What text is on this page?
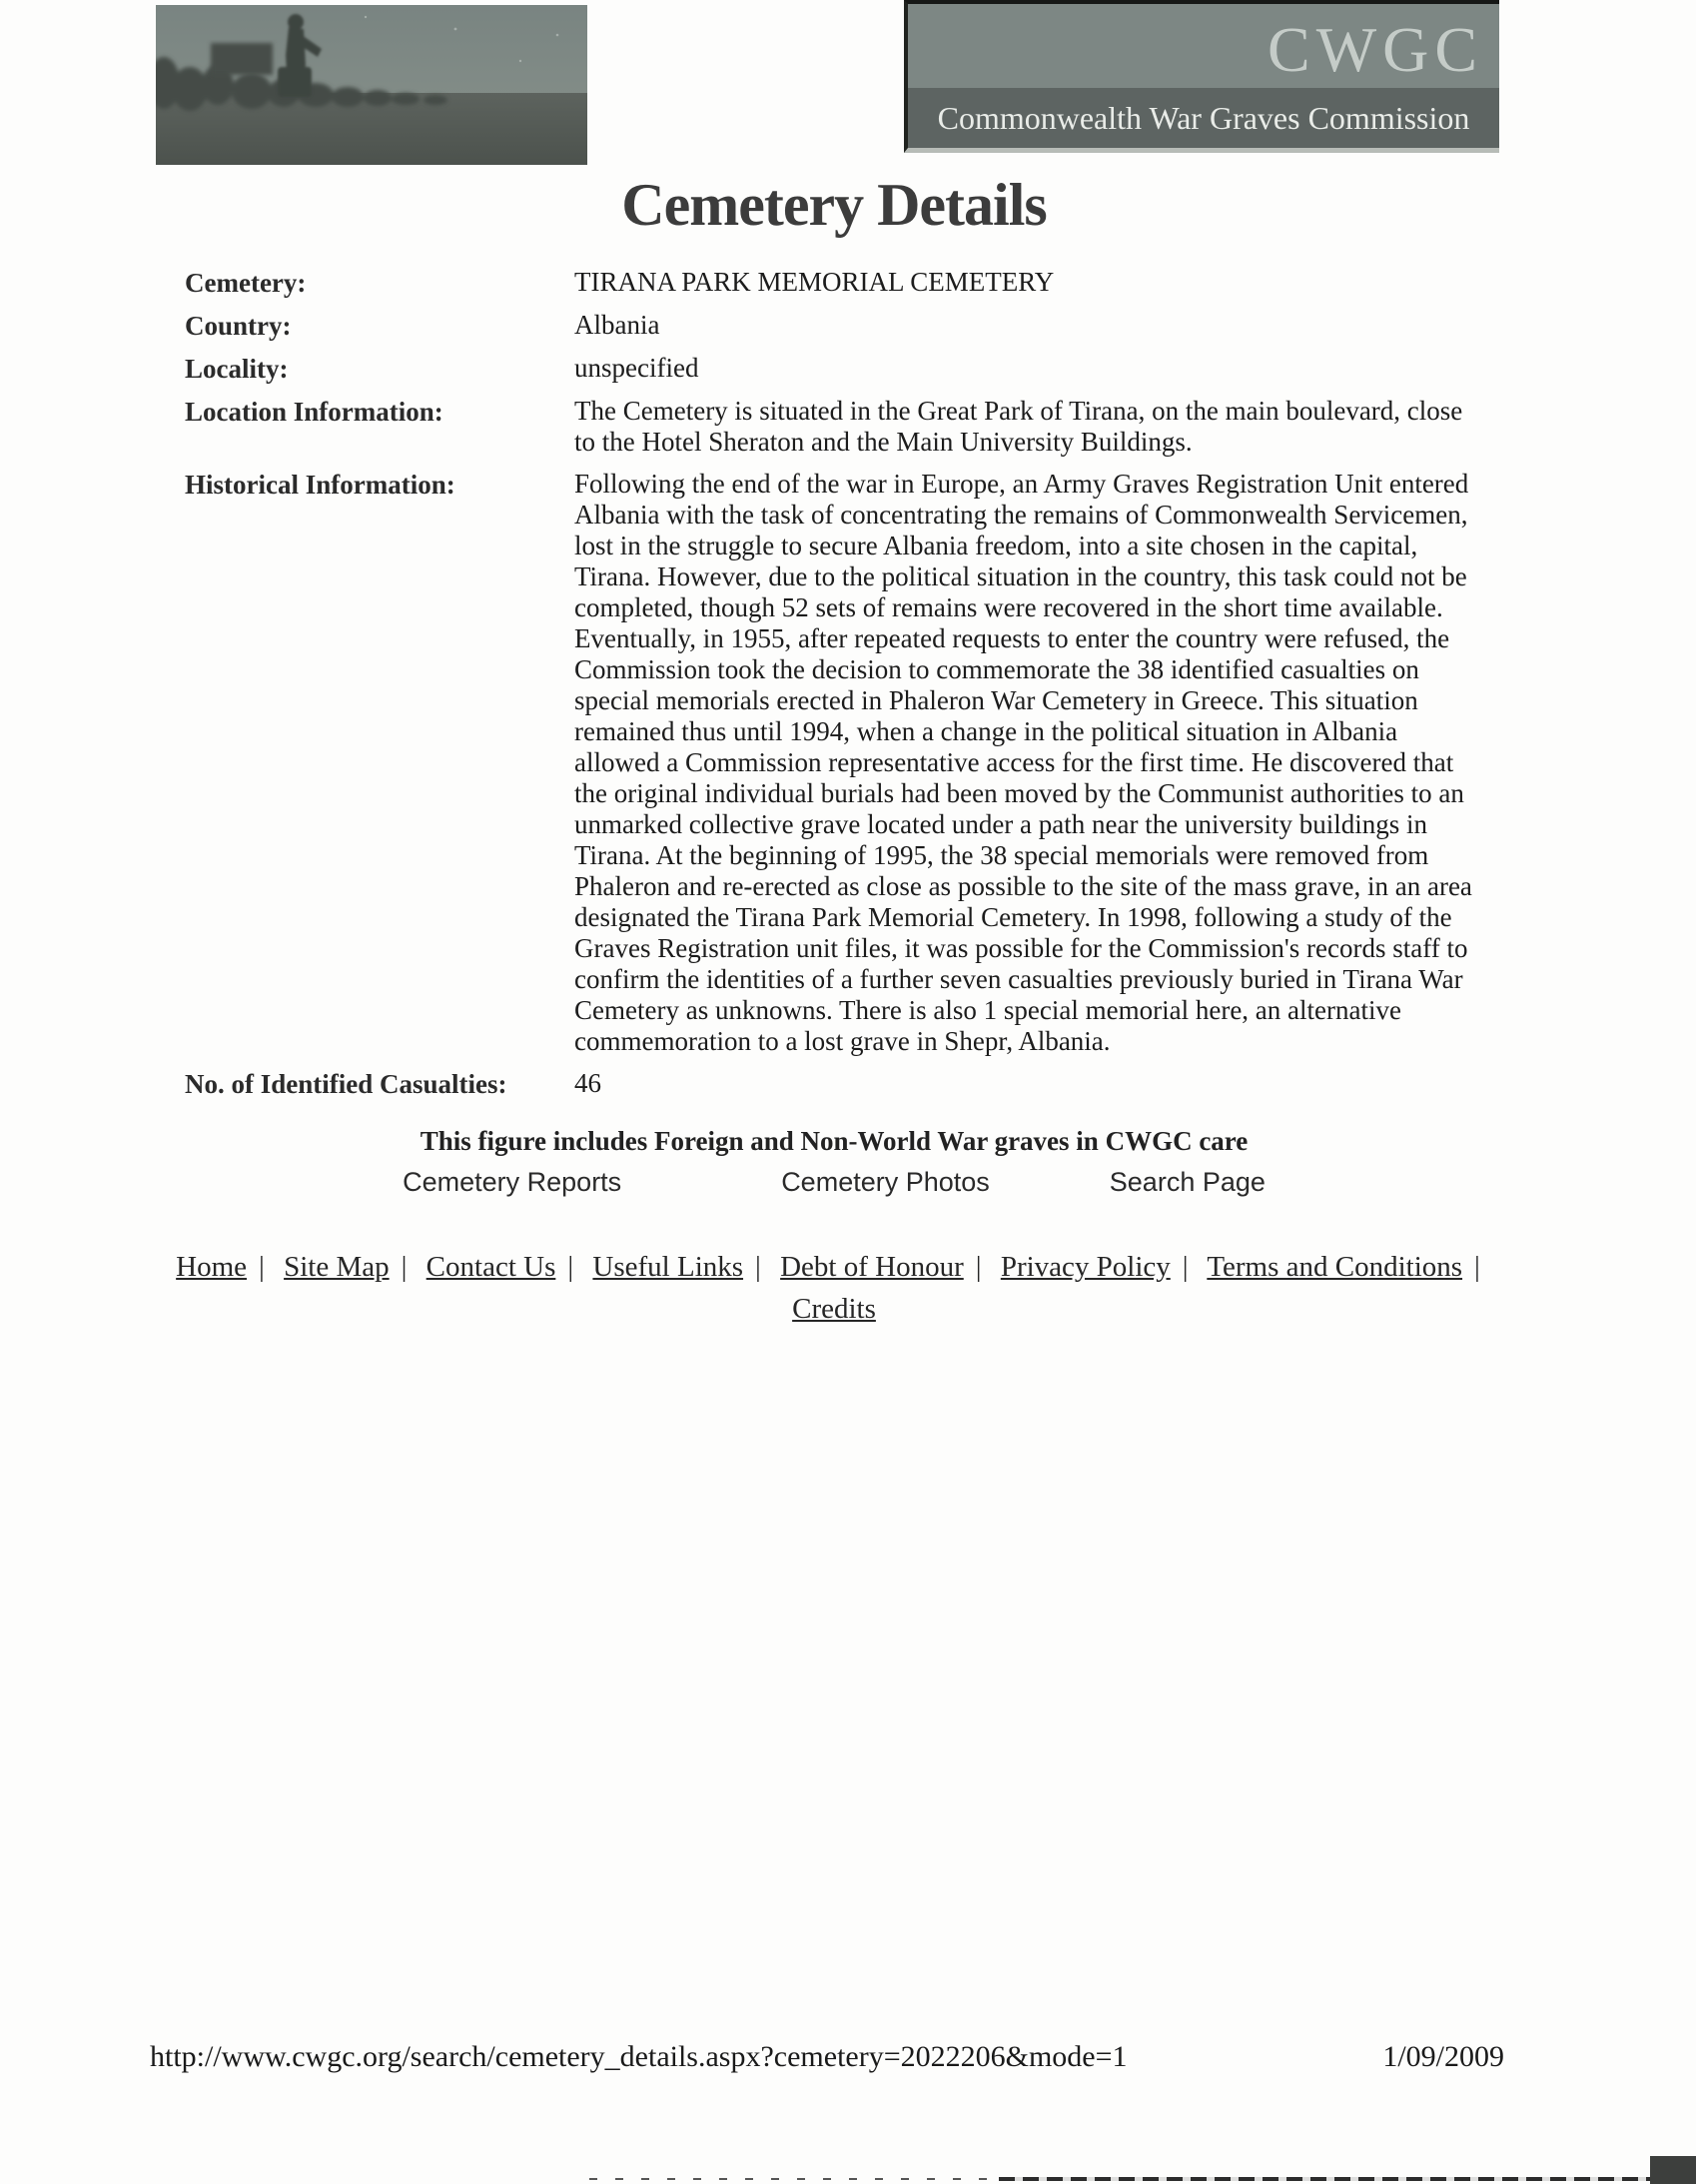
CWGC
Commonwealth War Graves Commission
Cemetery Details
Cemetery:	TIRANA PARK MEMORIAL CEMETERY
Country:	Albania
Locality:	unspecified
Location Information:	The Cemetery is situated in the Great Park of Tirana, on the main boulevard, close to the Hotel Sheraton and the Main University Buildings.
Historical Information:	Following the end of the war in Europe, an Army Graves Registration Unit entered Albania with the task of concentrating the remains of Commonwealth Servicemen, lost in the struggle to secure Albania freedom, into a site chosen in the capital, Tirana. However, due to the political situation in the country, this task could not be completed, though 52 sets of remains were recovered in the short time available. Eventually, in 1955, after repeated requests to enter the country were refused, the Commission took the decision to commemorate the 38 identified casualties on special memorials erected in Phaleron War Cemetery in Greece. This situation remained thus until 1994, when a change in the political situation in Albania allowed a Commission representative access for the first time. He discovered that the original individual burials had been moved by the Communist authorities to an unmarked collective grave located under a path near the university buildings in Tirana. At the beginning of 1995, the 38 special memorials were removed from Phaleron and re-erected as close as possible to the site of the mass grave, in an area designated the Tirana Park Memorial Cemetery. In 1998, following a study of the Graves Registration unit files, it was possible for the Commission's records staff to confirm the identities of a further seven casualties previously buried in Tirana War Cemetery as unknowns. There is also 1 special memorial here, an alternative commemoration to a lost grave in Shepr, Albania.
No. of Identified Casualties:	46
This figure includes Foreign and Non-World War graves in CWGC care
Cemetery Reports	Cemetery Photos	Search Page
Home | Site Map | Contact Us | Useful Links | Debt of Honour | Privacy Policy | Terms and Conditions |
Credits
http://www.cwgc.org/search/cemetery_details.aspx?cemetery=2022206&mode=1	1/09/2009
